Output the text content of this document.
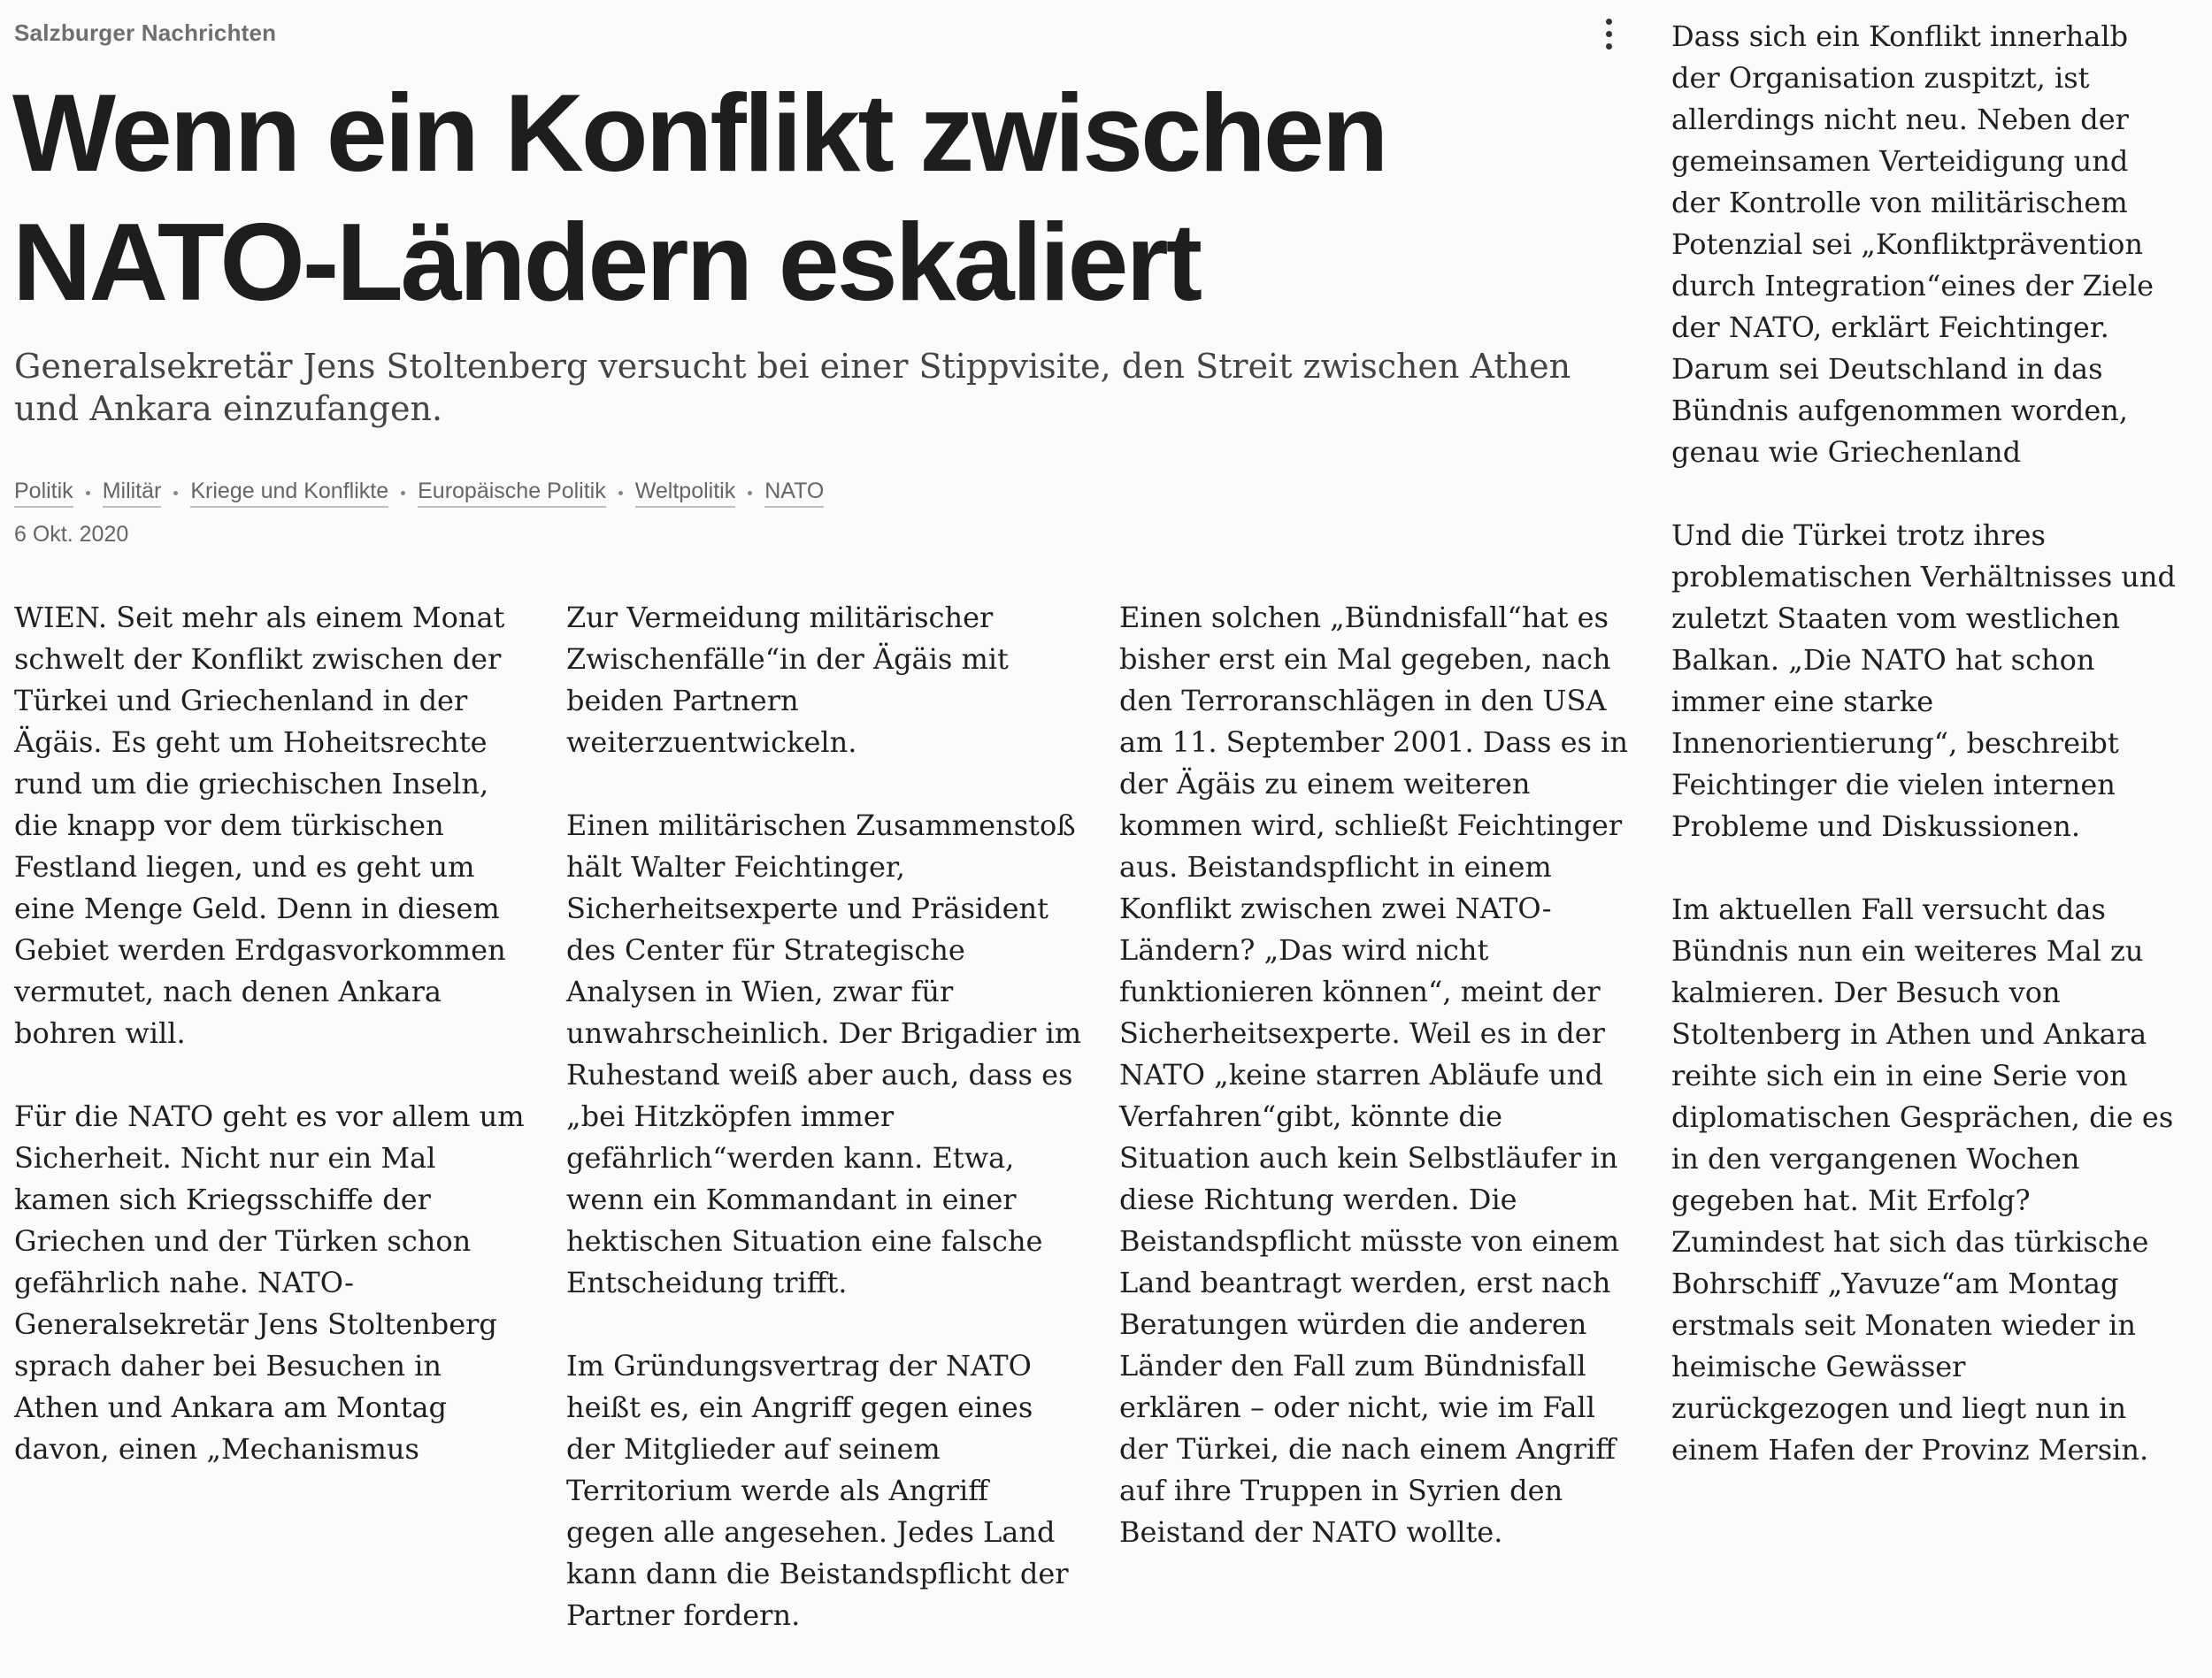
Salzburger Nachrichten
Wenn ein Konflikt zwischen NATO-Ländern eskaliert

Generalsekretär Jens Stoltenberg versucht bei einer Stippvisite, den Streit zwischen Athen und Ankara einzufangen.

Politik Militär Kriege und Konflikte Europäische Politik Weltpolitik NATO
6 Okt. 2020

WIEN. Seit mehr als einem Monat schwelt der Konflikt zwischen der Türkei und Griechenland in der Ägäis. Es geht um Hoheitsrechte rund um die griechischen Inseln, die knapp vor dem türkischen Festland liegen, und es geht um eine Menge Geld. Denn in diesem Gebiet werden Erdgasvorkommen vermutet, nach denen Ankara bohren will.

Für die NATO geht es vor allem um Sicherheit. Nicht nur ein Mal kamen sich Kriegsschiffe der Griechen und der Türken schon gefährlich nahe. NATO-Generalsekretär Jens Stoltenberg sprach daher bei Besuchen in Athen und Ankara am Montag davon, einen „Mechanismus

Zur Vermeidung militärischer Zwischenfälle“in der Ägäis mit beiden Partnern weiterzuentwickeln.

Einen militärischen Zusammenstoß hält Walter Feichtinger, Sicherheitsexperte und Präsident des Center für Strategische Analysen in Wien, zwar für unwahrscheinlich. Der Brigadier im Ruhestand weiß aber auch, dass es „bei Hitzköpfen immer gefährlich“werden kann. Etwa, wenn ein Kommandant in einer hektischen Situation eine falsche Entscheidung trifft.

Im Gründungsvertrag der NATO heißt es, ein Angriff gegen eines der Mitglieder auf seinem Territorium werde als Angriff gegen alle angesehen. Jedes Land kann dann die Beistandspflicht der Partner fordern.

Einen solchen „Bündnisfall“hat es bisher erst ein Mal gegeben, nach den Terroranschlägen in den USA am 11. September 2001. Dass es in der Ägäis zu einem weiteren kommen wird, schließt Feichtinger aus. Beistandspflicht in einem Konflikt zwischen zwei NATO-Ländern? „Das wird nicht funktionieren können“, meint der Sicherheitsexperte. Weil es in der NATO „keine starren Abläufe und Verfahren“gibt, könnte die Situation auch kein Selbstläufer in diese Richtung werden. Die Beistandspflicht müsste von einem Land beantragt werden, erst nach Beratungen würden die anderen Länder den Fall zum Bündnisfall erklären – oder nicht, wie im Fall der Türkei, die nach einem Angriff auf ihre Truppen in Syrien den Beistand der NATO wollte.

Dass sich ein Konflikt innerhalb der Organisation zuspitzt, ist allerdings nicht neu. Neben der gemeinsamen Verteidigung und der Kontrolle von militärischem Potenzial sei „Konfliktprävention durch Integration“eines der Ziele der NATO, erklärt Feichtinger. Darum sei Deutschland in das Bündnis aufgenommen worden, genau wie Griechenland

Und die Türkei trotz ihres problematischen Verhältnisses und zuletzt Staaten vom westlichen Balkan. „Die NATO hat schon immer eine starke Innenorientierung“, beschreibt Feichtinger die vielen internen Probleme und Diskussionen.

Im aktuellen Fall versucht das Bündnis nun ein weiteres Mal zu kalmieren. Der Besuch von Stoltenberg in Athen und Ankara reihte sich ein in eine Serie von diplomatischen Gesprächen, die es in den vergangenen Wochen gegeben hat. Mit Erfolg? Zumindest hat sich das türkische Bohrschiff „Yavuze“am Montag erstmals seit Monaten wieder in heimische Gewässer zurückgezogen und liegt nun in einem Hafen der Provinz Mersin.
